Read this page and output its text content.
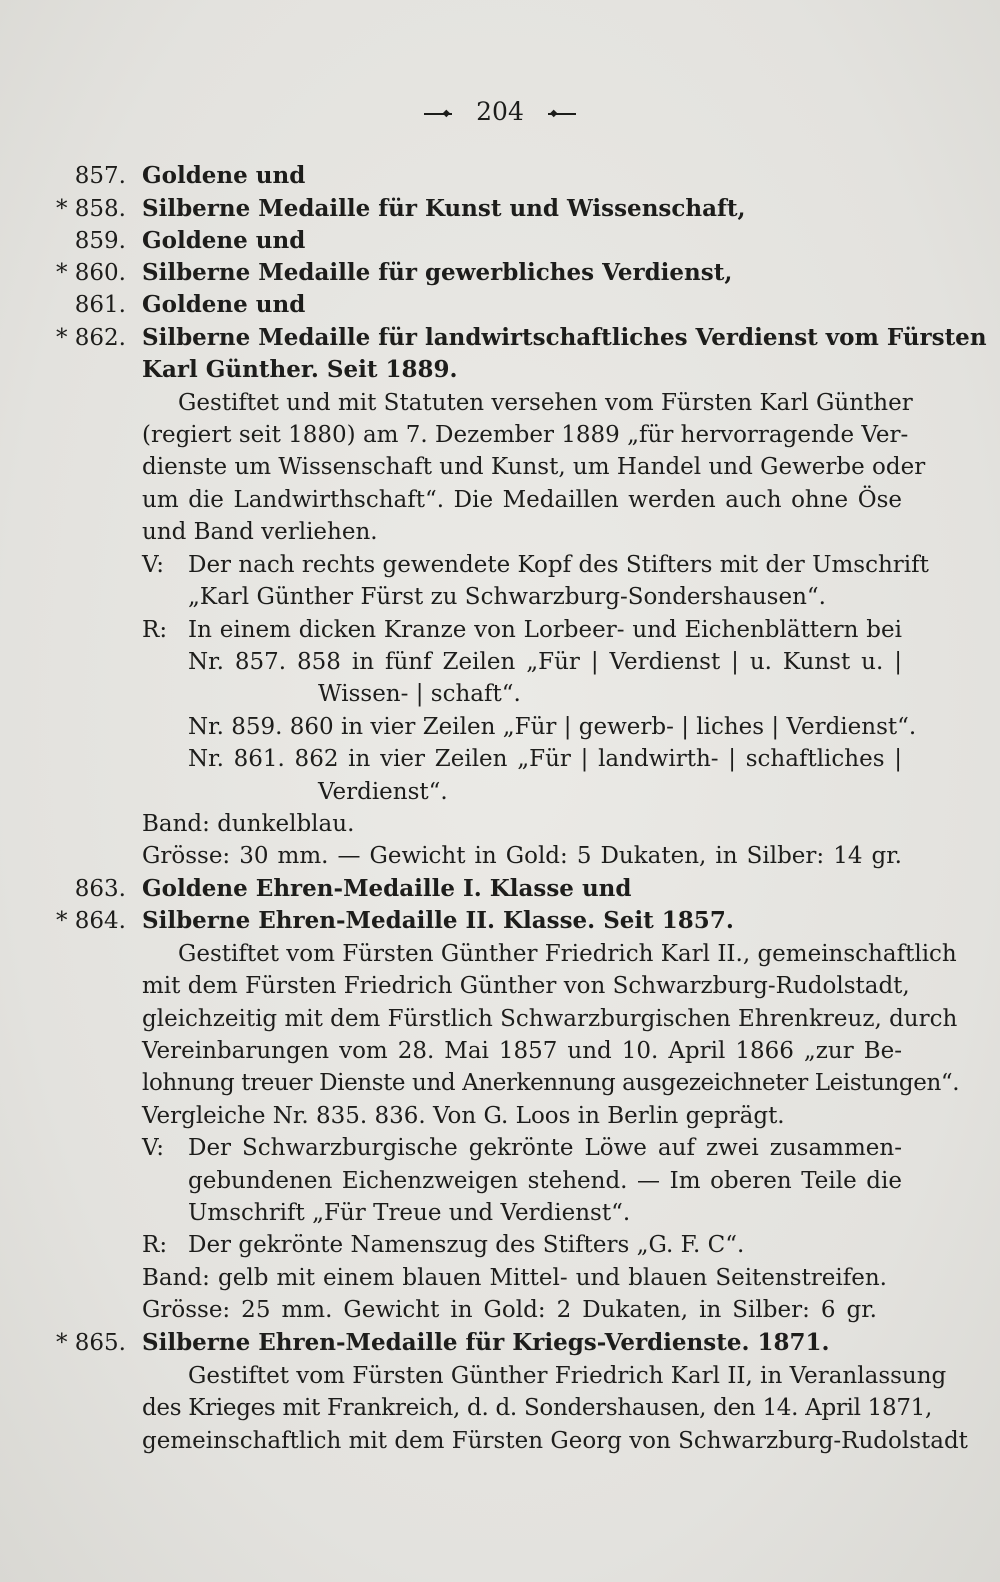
◆ 204 ◆
857. Goldene und
* 858. Silberne Medaille für Kunst und Wissenschaft,
859. Goldene und
* 860. Silberne Medaille für gewerbliches Verdienst,
861. Goldene und
* 862. Silberne Medaille für landwirtschaftliches Verdienst vom Fürsten
Karl Günther. Seit 1889.
Gestiftet und mit Statuten versehen vom Fürsten Karl Günther
(regiert seit 1880) am 7. Dezember 1889 „für hervorragende Ver-
dienste um Wissenschaft und Kunst, um Handel und Gewerbe oder
um die Landwirthschaft“. Die Medaillen werden auch ohne Öse
und Band verliehen.
V: Der nach rechts gewendete Kopf des Stifters mit der Umschrift
„Karl Günther Fürst zu Schwarzburg-Sondershausen“.
R: In einem dicken Kranze von Lorbeer- und Eichenblättern bei
Nr. 857. 858 in fünf Zeilen „Für | Verdienst | u. Kunst u. |
Wissen- | schaft“.
Nr. 859. 860 in vier Zeilen „Für | gewerb- | liches | Verdienst“.
Nr. 861. 862 in vier Zeilen „Für | landwirth- | schaftliches |
Verdienst“.
Band: dunkelblau.
Grösse: 30 mm. — Gewicht in Gold: 5 Dukaten, in Silber: 14 gr.
863. Goldene Ehren-Medaille I. Klasse und
* 864. Silberne Ehren-Medaille II. Klasse. Seit 1857.
Gestiftet vom Fürsten Günther Friedrich Karl II., gemeinschaftlich
mit dem Fürsten Friedrich Günther von Schwarzburg-Rudolstadt,
gleichzeitig mit dem Fürstlich Schwarzburgischen Ehrenkreuz, durch
Vereinbarungen vom 28. Mai 1857 und 10. April 1866 „zur Be-
lohnung treuer Dienste und Anerkennung ausgezeichneter Leistungen“.
Vergleiche Nr. 835. 836. Von G. Loos in Berlin geprägt.
V: Der Schwarzburgische gekrönte Löwe auf zwei zusammen-
gebundenen Eichenzweigen stehend. — Im oberen Teile die
Umschrift „Für Treue und Verdienst“.
R: Der gekrönte Namenszug des Stifters „G. F. C“.
Band: gelb mit einem blauen Mittel- und blauen Seitenstreifen.
Grösse: 25 mm. Gewicht in Gold: 2 Dukaten, in Silber: 6 gr.
* 865. Silberne Ehren-Medaille für Kriegs-Verdienste. 1871.
Gestiftet vom Fürsten Günther Friedrich Karl II, in Veranlassung
des Krieges mit Frankreich, d. d. Sondershausen, den 14. April 1871,
gemeinschaftlich mit dem Fürsten Georg von Schwarzburg-Rudolstadt
